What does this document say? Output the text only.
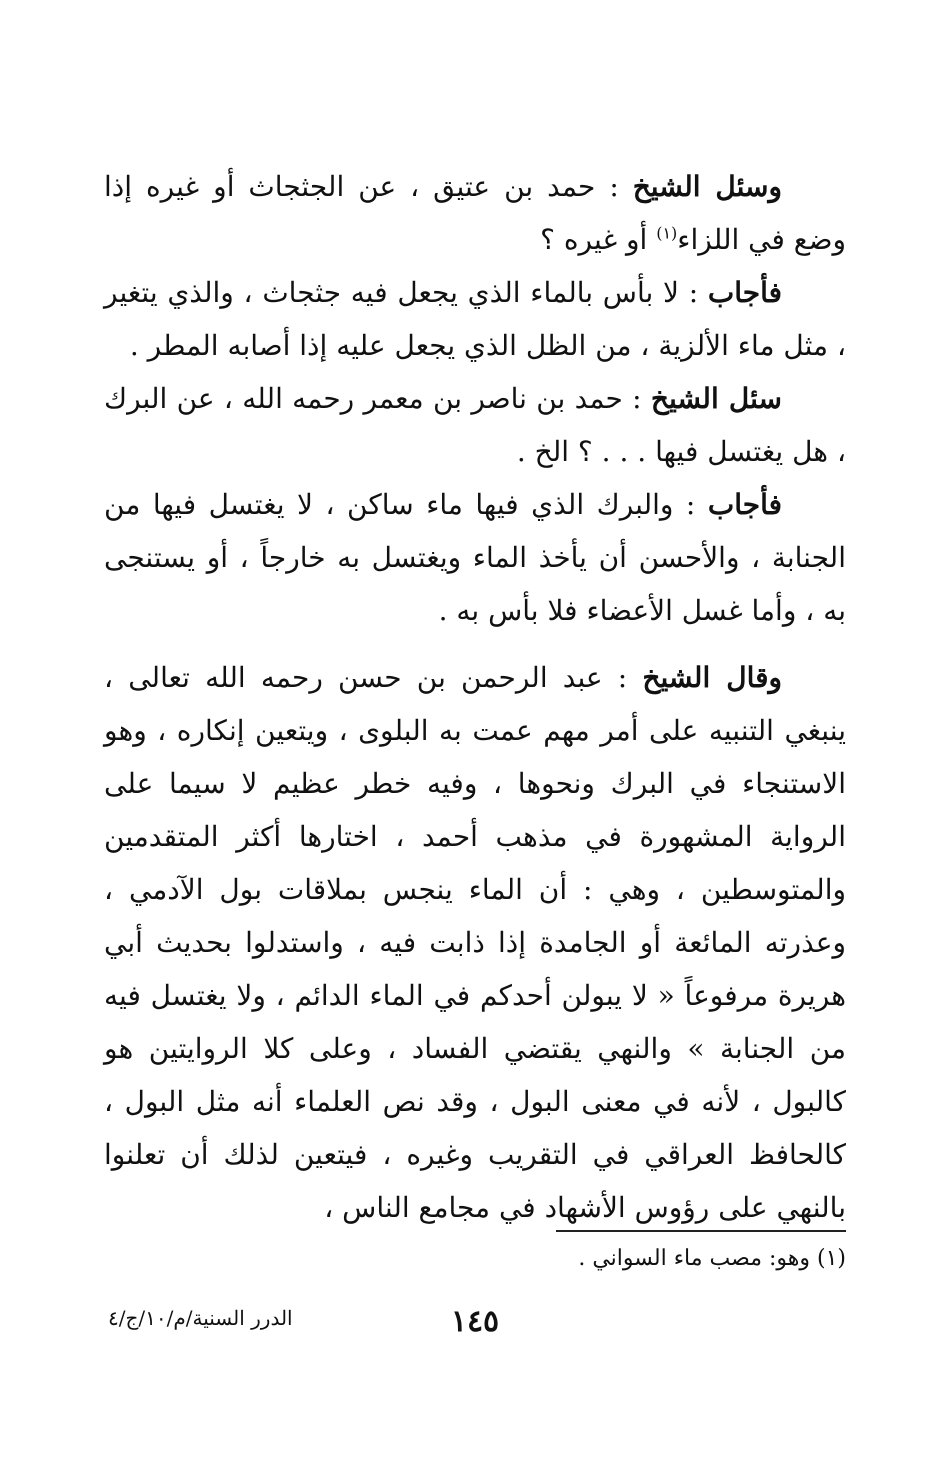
وسئل الشيخ : حمد بن عتيق ، عن الجثجاث أو غيره إذا وضع في اللزاء$^{(١)}$ أو غيره ؟

فأجاب : لا بأس بالماء الذي يجعل فيه جثجاث ، والذي يتغير ، مثل ماء الألزية ، من الظل الذي يجعل عليه إذا أصابه المطر .

سئل الشيخ : حمد بن ناصر بن معمر رحمه الله ، عن البرك ، هل يغتسل فيها . . . ؟ الخ .

فأجاب : والبرك الذي فيها ماء ساكن ، لا يغتسل فيها من الجنابة ، والأحسن أن يأخذ الماء ويغتسل به خارجاً ، أو يستنجى به ، وأما غسل الأعضاء فلا بأس به .

وقال الشيخ : عبد الرحمن بن حسن رحمه الله تعالى ، ينبغي التنبيه على أمر مهم عمت به البلوى ، ويتعين إنكاره ، وهو الاستنجاء في البرك ونحوها ، وفيه خطر عظيم لا سيما على الرواية المشهورة في مذهب أحمد ، اختارها أكثر المتقدمين والمتوسطين ، وهي : أن الماء ينجس بملاقات بول الآدمي ، وعذرته المائعة أو الجامدة إذا ذابت فيه ، واستدلوا بحديث أبي هريرة مرفوعاً « لا يبولن أحدكم في الماء الدائم ، ولا يغتسل فيه من الجنابة » والنهي يقتضي الفساد ، وعلى كلا الروايتين هو كالبول ، لأنه في معنى البول ، وقد نص العلماء أنه مثل البول ، كالحافظ العراقي في التقريب وغيره ، فيتعين لذلك أن تعلنوا بالنهي على رؤوس الأشهاد في مجامع الناس ،

(١) وهو: مصب ماء السواني .
١٤٥
الدرر السنية/م/١٠/ج/٤
